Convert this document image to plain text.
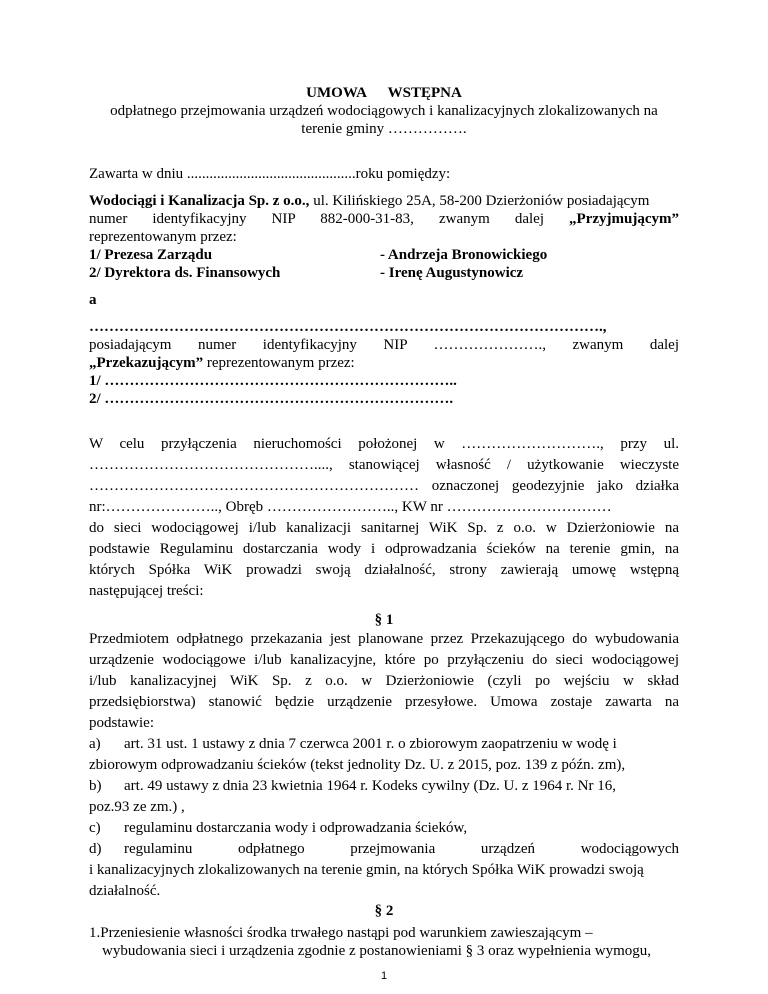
UMOWA WSTĘPNA
odpłatnego przejmowania urządzeń wodociągowych i kanalizacyjnych zlokalizowanych na
terenie gminy …………….
Zawarta w dniu .............................................roku pomiędzy:
Wodociągi i Kanalizacja Sp. z o.o., ul. Kilińskiego 25A, 58-200 Dzierżoniów posiadającym
numer identyfikacyjny NIP 882-000-31-83, zwanym dalej „Przyjmującym”
reprezentowanym przez:
1/ Prezesa Zarządu	- Andrzeja Bronowickiego
2/ Dyrektora ds. Finansowych	- Irenę Augustynowicz
a
………………………………………………………………………………………….,
posiadającym numer identyfikacyjny NIP …………………., zwanym dalej
„Przekazującym” reprezentowanym przez:
1/ ……………………………………………………………..
2/ …………………………………………………………….
W celu przyłączenia nieruchomości położonej w ………………………., przy ul.
………………………………………...., stanowiącej własność / użytkowanie wieczyste
………………………………………………………… oznaczonej geodezyjnie jako działka
nr:………………….., Obręb …………………….., KW nr ……………………………
do sieci wodociągowej i/lub kanalizacji sanitarnej WiK Sp. z o.o. w Dzierżoniowie na
podstawie Regulaminu dostarczania wody i odprowadzania ścieków na terenie gmin, na
których Spółka WiK prowadzi swoją działalność, strony zawierają umowę wstępną
następującej treści:
§ 1
Przedmiotem odpłatnego przekazania jest planowane przez Przekazującego do wybudowania
urządzenie wodociągowe i/lub kanalizacyjne, które po przyłączeniu do sieci wodociągowej
i/lub kanalizacyjnej WiK Sp. z o.o. w Dzierżoniowie (czyli po wejściu w skład
przedsiębiorstwa) stanowić będzie urządzenie przesyłowe. Umowa zostaje zawarta na
podstawie:
a) art. 31 ust. 1 ustawy z dnia 7 czerwca 2001 r. o zbiorowym zaopatrzeniu w wodę i
zbiorowym odprowadzaniu ścieków (tekst jednolity Dz. U. z 2015, poz. 139 z późn. zm),
b) art. 49 ustawy z dnia 23 kwietnia 1964 r. Kodeks cywilny (Dz. U. z 1964 r. Nr 16,
poz.93 ze zm.) ,
c) regulaminu dostarczania wody i odprowadzania ścieków,
d) regulaminu odpłatnego przejmowania urządzeń wodociągowych
i kanalizacyjnych zlokalizowanych na terenie gmin, na których Spółka WiK prowadzi swoją
działalność.
§ 2
1.Przeniesienie własności środka trwałego nastąpi pod warunkiem zawieszającym –
wybudowania sieci i urządzenia zgodnie z postanowieniami § 3 oraz wypełnienia wymogu,
1
